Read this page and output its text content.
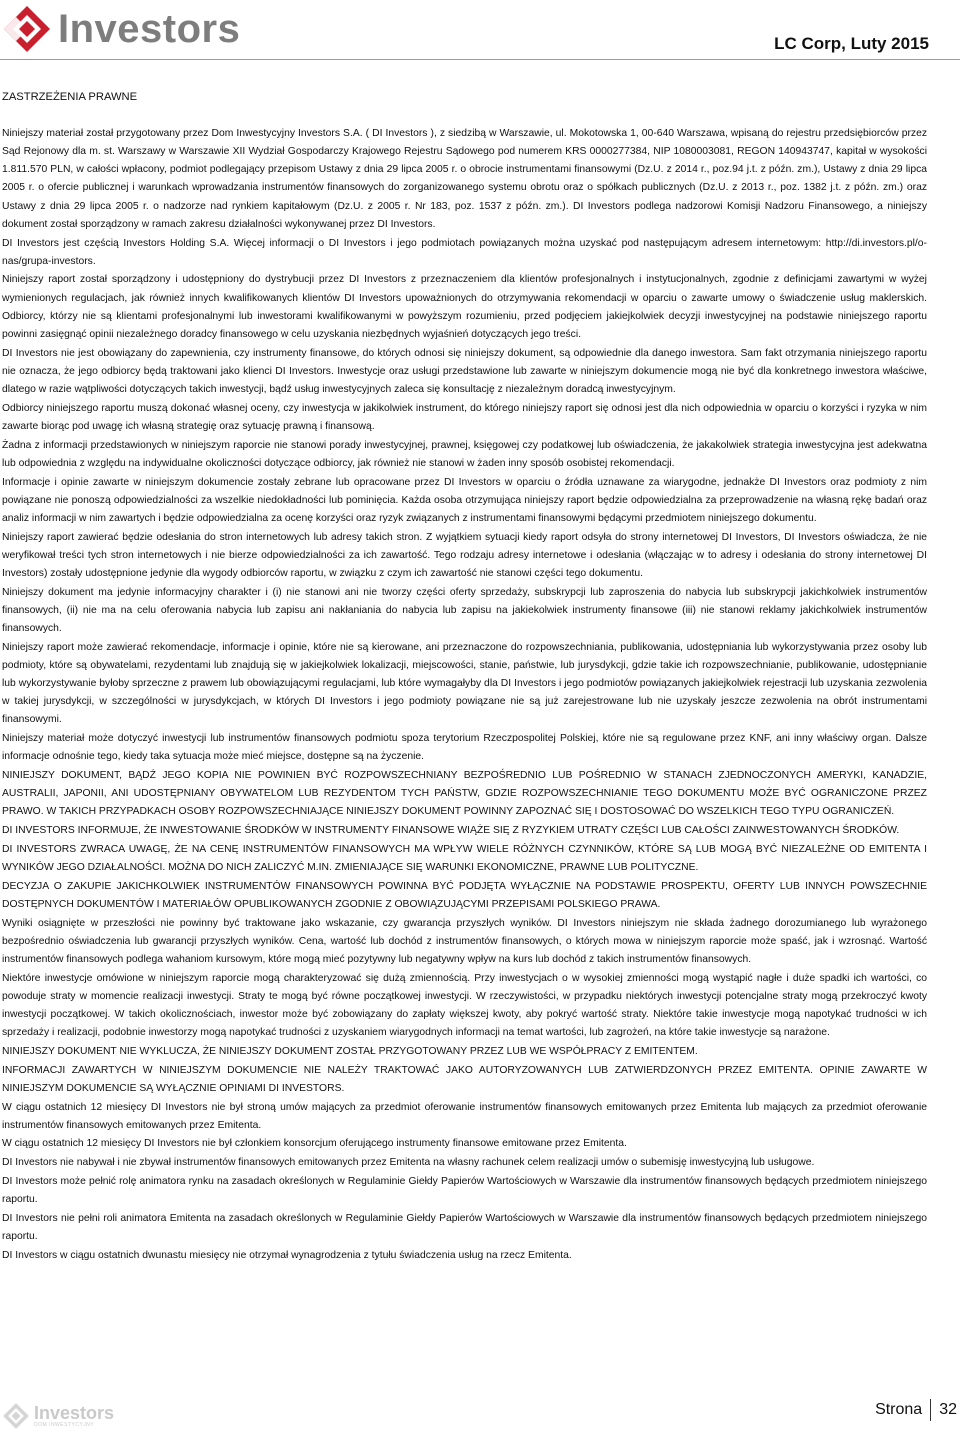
Investors	LC Corp, Luty 2015
ZASTRZEŻENIA PRAWNE

Niniejszy materiał został przygotowany przez Dom Inwestycyjny Investors S.A. ( DI Investors ), z siedzibą w Warszawie, ul. Mokotowska 1, 00-640 Warszawa, wpisaną do rejestru przedsiębiorców przez Sąd Rejonowy dla m. st. Warszawy w Warszawie XII Wydział Gospodarczy Krajowego Rejestru Sądowego pod numerem KRS 0000277384, NIP 1080003081, REGON 140943747, kapitał w wysokości 1.811.570 PLN, w całości wpłacony, podmiot podlegający przepisom Ustawy z dnia 29 lipca 2005 r. o obrocie instrumentami finansowymi (Dz.U. z 2014 r., poz.94 j.t. z późn. zm.), Ustawy z dnia 29 lipca 2005 r. o ofercie publicznej i warunkach wprowadzania instrumentów finansowych do zorganizowanego systemu obrotu oraz o spółkach publicznych (Dz.U. z 2013 r., poz. 1382 j.t. z późn. zm.) oraz Ustawy z dnia 29 lipca 2005 r. o nadzorze nad rynkiem kapitałowym (Dz.U. z 2005 r. Nr 183, poz. 1537 z późn. zm.). DI Investors podlega nadzorowi Komisji Nadzoru Finansowego, a niniejszy dokument został sporządzony w ramach zakresu działalności wykonywanej przez DI Investors.

DI Investors jest częścią Investors Holding S.A. Więcej informacji o DI Investors i jego podmiotach powiązanych można uzyskać pod następującym adresem internetowym: http://di.investors.pl/o-nas/grupa-investors.

Niniejszy raport został sporządzony i udostępniony do dystrybucji przez DI Investors z przeznaczeniem dla klientów profesjonalnych i instytucjonalnych, zgodnie z definicjami zawartymi w wyżej wymienionych regulacjach, jak również innych kwalifikowanych klientów DI Investors upoważnionych do otrzymywania rekomendacji w oparciu o zawarte umowy o świadczenie usług maklerskich. Odbiorcy, którzy nie są klientami profesjonalnymi lub inwestorami kwalifikowanymi w powyższym rozumieniu, przed podjęciem jakiejkolwiek decyzji inwestycyjnej na podstawie niniejszego raportu powinni zasięgnąć opinii niezależnego doradcy finansowego w celu uzyskania niezbędnych wyjaśnień dotyczących jego treści.

DI Investors nie jest obowiązany do zapewnienia, czy instrumenty finansowe, do których odnosi się niniejszy dokument, są odpowiednie dla danego inwestora. Sam fakt otrzymania niniejszego raportu nie oznacza, że jego odbiorcy będą traktowani jako klienci DI Investors. Inwestycje oraz usługi przedstawione lub zawarte w niniejszym dokumencie mogą nie być dla konkretnego inwestora właściwe, dlatego w razie wątpliwości dotyczących takich inwestycji, bądź usług inwestycyjnych zaleca się konsultację z niezależnym doradcą inwestycyjnym.

Odbiorcy niniejszego raportu muszą dokonać własnej oceny, czy inwestycja w jakikolwiek instrument, do którego niniejszy raport się odnosi jest dla nich odpowiednia w oparciu o korzyści i ryzyka w nim zawarte biorąc pod uwagę ich własną strategię oraz sytuację prawną i finansową.

Żadna z informacji przedstawionych w niniejszym raporcie nie stanowi porady inwestycyjnej, prawnej, księgowej czy podatkowej lub oświadczenia, że jakakolwiek strategia inwestycyjna jest adekwatna lub odpowiednia z względu na indywidualne okoliczności dotyczące odbiorcy, jak również nie stanowi w żaden inny sposób osobistej rekomendacji.

Informacje i opinie zawarte w niniejszym dokumencie zostały zebrane lub opracowane przez DI Investors w oparciu o źródła uznawane za wiarygodne, jednakże DI Investors oraz podmioty z nim powiązane nie ponoszą odpowiedzialności za wszelkie niedokładności lub pominięcia. Każda osoba otrzymująca niniejszy raport będzie odpowiedzialna za przeprowadzenie na własną rękę badań oraz analiz informacji w nim zawartych i będzie odpowiedzialna za ocenę korzyści oraz ryzyk związanych z instrumentami finansowymi będącymi przedmiotem niniejszego dokumentu.

Niniejszy raport zawierać będzie odesłania do stron internetowych lub adresy takich stron. Z wyjątkiem sytuacji kiedy raport odsyła do strony internetowej DI Investors, DI Investors oświadcza, że nie weryfikował treści tych stron internetowych i nie bierze odpowiedzialności za ich zawartość. Tego rodzaju adresy internetowe i odesłania (włączając w to adresy i odesłania do strony internetowej DI Investors) zostały udostępnione jedynie dla wygody odbiorców raportu, w związku z czym ich zawartość nie stanowi części tego dokumentu.

Niniejszy dokument ma jedynie informacyjny charakter i (i) nie stanowi ani nie tworzy części oferty sprzedaży, subskrypcji lub zaproszenia do nabycia lub subskrypcji jakichkolwiek instrumentów finansowych, (ii) nie ma na celu oferowania nabycia lub zapisu ani nakłaniania do nabycia lub zapisu na jakiekolwiek instrumenty finansowe (iii) nie stanowi reklamy jakichkolwiek instrumentów finansowych.

Niniejszy raport może zawierać rekomendacje, informacje i opinie, które nie są kierowane, ani przeznaczone do rozpowszechniania, publikowania, udostępniania lub wykorzystywania przez osoby lub podmioty, które są obywatelami, rezydentami lub znajdują się w jakiejkolwiek lokalizacji, miejscowości, stanie, państwie, lub jurysdykcji, gdzie takie ich rozpowszechnianie, publikowanie, udostępnianie lub wykorzystywanie byłoby sprzeczne z prawem lub obowiązującymi regulacjami, lub które wymagałyby dla DI Investors i jego podmiotów powiązanych jakiejkolwiek rejestracji lub uzyskania zezwolenia w takiej jurysdykcji, w szczególności w jurysdykcjach, w których DI Investors i jego podmioty powiązane nie są już zarejestrowane lub nie uzyskały jeszcze zezwolenia na obrót instrumentami finansowymi.

Niniejszy materiał może dotyczyć inwestycji lub instrumentów finansowych podmiotu spoza terytorium Rzeczpospolitej Polskiej, które nie są regulowane przez KNF, ani inny właściwy organ. Dalsze informacje odnośnie tego, kiedy taka sytuacja może mieć miejsce, dostępne są na życzenie.

NINIEJSZY DOKUMENT, BĄDŹ JEGO KOPIA NIE POWINIEN BYĆ ROZPOWSZECHNIANY BEZPOŚREDNIO LUB POŚREDNIO W STANACH ZJEDNOCZONYCH AMERYKI, KANADZIE, AUSTRALII, JAPONII, ANI UDOSTĘPNIANY OBYWATELOM LUB REZYDENTOM TYCH PAŃSTW, GDZIE ROZPOWSZECHNIANIE TEGO DOKUMENTU MOŻE BYĆ OGRANICZONE PRZEZ PRAWO. W TAKICH PRZYPADKACH OSOBY ROZPOWSZECHNIAJĄCE NINIEJSZY DOKUMENT POWINNY ZAPOZNAĆ SIĘ I DOSTOSOWAĆ DO WSZELKICH TEGO TYPU OGRANICZEŃ.

DI INVESTORS INFORMUJE, ŻE INWESTOWANIE ŚRODKÓW W INSTRUMENTY FINANSOWE WIĄŻE SIĘ Z RYZYKIEM UTRATY CZĘŚCI LUB CAŁOŚCI ZAINWESTOWANYCH ŚRODKÓW.

DI INVESTORS ZWRACA UWAGĘ, ŻE NA CENĘ INSTRUMENTÓW FINANSOWYCH MA WPŁYW WIELE RÓŻNYCH CZYNNIKÓW, KTÓRE SĄ LUB MOGĄ BYĆ NIEZALEŻNE OD EMITENTA I WYNIKÓW JEGO DZIAŁALNOŚCI. MOŻNA DO NICH ZALICZYĆ M.IN. ZMIENIAJĄCE SIĘ WARUNKI EKONOMICZNE, PRAWNE LUB POLITYCZNE.

DECYZJA O ZAKUPIE JAKICHKOLWIEK INSTRUMENTÓW FINANSOWYCH POWINNA BYĆ PODJĘTA WYŁĄCZNIE NA PODSTAWIE PROSPEKTU, OFERTY LUB INNYCH POWSZECHNIE DOSTĘPNYCH DOKUMENTÓW I MATERIAŁÓW OPUBLIKOWANYCH ZGODNIE Z OBOWIĄZUJĄCYMI PRZEPISAMI POLSKIEGO PRAWA.

Wyniki osiągnięte w przeszłości nie powinny być traktowane jako wskazanie, czy gwarancja przyszłych wyników. DI Investors niniejszym nie składa żadnego dorozumianego lub wyrażonego bezpośrednio oświadczenia lub gwarancji przyszłych wyników. Cena, wartość lub dochód z instrumentów finansowych, o których mowa w niniejszym raporcie może spaść, jak i wzrosnąć. Wartość instrumentów finansowych podlega wahaniom kursowym, które mogą mieć pozytywny lub negatywny wpływ na kurs lub dochód z takich instrumentów finansowych.

Niektóre inwestycje omówione w niniejszym raporcie mogą charakteryzować się dużą zmiennością. Przy inwestycjach o w wysokiej zmienności mogą wystąpić nagłe i duże spadki ich wartości, co powoduje straty w momencie realizacji inwestycji. Straty te mogą być równe początkowej inwestycji. W rzeczywistości, w przypadku niektórych inwestycji potencjalne straty mogą przekroczyć kwoty inwestycji początkowej. W takich okolicznościach, inwestor może być zobowiązany do zapłaty większej kwoty, aby pokryć wartość straty. Niektóre takie inwestycje mogą napotykać trudności w ich sprzedaży i realizacji, podobnie inwestorzy mogą napotykać trudności z uzyskaniem wiarygodnych informacji na temat wartości, lub zagrożeń, na które takie inwestycje są narażone.

NINIEJSZY DOKUMENT NIE WYKLUCZA, ŻE NINIEJSZY DOKUMENT ZOSTAŁ PRZYGOTOWANY PRZEZ LUB WE WSPÓŁPRACY Z EMITENTEM.

INFORMACJI ZAWARTYCH W NINIEJSZYM DOKUMENCIE NIE NALEŻY TRAKTOWAĆ JAKO AUTORYZOWANYCH LUB ZATWIERDZONYCH PRZEZ EMITENTA. OPINIE ZAWARTE W NINIEJSZYM DOKUMENCIE SĄ WYŁĄCZNIE OPINIAMI DI INVESTORS.

W ciągu ostatnich 12 miesięcy DI Investors nie był stroną umów mających za przedmiot oferowanie instrumentów finansowych emitowanych przez Emitenta lub mających za przedmiot oferowanie instrumentów finansowych emitowanych przez Emitenta.

W ciągu ostatnich 12 miesięcy DI Investors nie był członkiem konsorcjum oferującego instrumenty finansowe emitowane przez Emitenta.

DI Investors nie nabywał i nie zbywał instrumentów finansowych emitowanych przez Emitenta na własny rachunek celem realizacji umów o subemisję inwestycyjną lub usługowe.

DI Investors może pełnić rolę animatora rynku na zasadach określonych w Regulaminie Giełdy Papierów Wartościowych w Warszawie dla instrumentów finansowych będących przedmiotem niniejszego raportu.

DI Investors nie pełni roli animatora Emitenta na zasadach określonych w Regulaminie Giełdy Papierów Wartościowych w Warszawie dla instrumentów finansowych będących przedmiotem niniejszego raportu.

DI Investors w ciągu ostatnich dwunastu miesięcy nie otrzymał wynagrodzenia z tytułu świadczenia usług na rzecz Emitenta.

Investors
DOM INWESTYCYJNY
Strona 32
